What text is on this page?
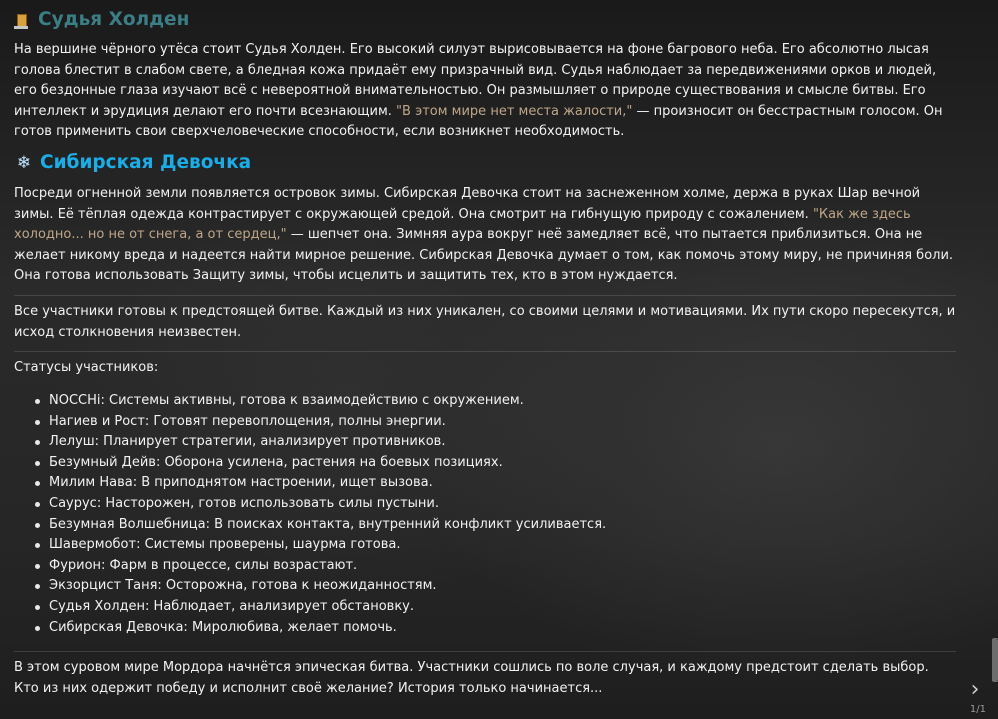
Судья Холден

На вершине чёрного утёса стоит Судья Холден. Его высокий силуэт вырисовывается на фоне багрового неба. Его абсолютно лысая голова блестит в слабом свете, а бледная кожа придаёт ему призрачный вид. Судья наблюдает за передвижениями орков и людей, его бездонные глаза изучают всё с невероятной внимательностью. Он размышляет о природе существования и смысле битвы. Его интеллект и эрудиция делают его почти всезнающим. "В этом мире нет места жалости," — произносит он бесстрастным голосом. Он готов применить свои сверхчеловеческие способности, если возникнет необходимость.

❄ Сибирская Девочка

Посреди огненной земли появляется островок зимы. Сибирская Девочка стоит на заснеженном холме, держа в руках Шар вечной зимы. Её тёплая одежда контрастирует с окружающей средой. Она смотрит на гибнущую природу с сожалением. "Как же здесь холодно... но не от снега, а от сердец," — шепчет она. Зимняя аура вокруг неё замедляет всё, что пытается приблизиться. Она не желает никому вреда и надеется найти мирное решение. Сибирская Девочка думает о том, как помочь этому миру, не причиняя боли. Она готова использовать Защиту зимы, чтобы исцелить и защитить тех, кто в этом нуждается.

Все участники готовы к предстоящей битве. Каждый из них уникален, со своими целями и мотивациями. Их пути скоро пересекутся, и исход столкновения неизвестен.

Статусы участников:

NOCCHi: Системы активны, готова к взаимодействию с окружением.
Нагиев и Рост: Готовят перевоплощения, полны энергии.
Лелуш: Планирует стратегии, анализирует противников.
Безумный Дейв: Оборона усилена, растения на боевых позициях.
Милим Нава: В приподнятом настроении, ищет вызова.
Саурус: Насторожен, готов использовать силы пустыни.
Безумная Волшебница: В поисках контакта, внутренний конфликт усиливается.
Шавермобот: Системы проверены, шаурма готова.
Фурион: Фарм в процессе, силы возрастают.
Экзорцист Таня: Осторожна, готова к неожиданностям.
Судья Холден: Наблюдает, анализирует обстановку.
Сибирская Девочка: Миролюбива, желает помочь.

В этом суровом мире Мордора начнётся эпическая битва. Участники сошлись по воле случая, и каждому предстоит сделать выбор. Кто из них одержит победу и исполнит своё желание? История только начинается...	›
1/1
